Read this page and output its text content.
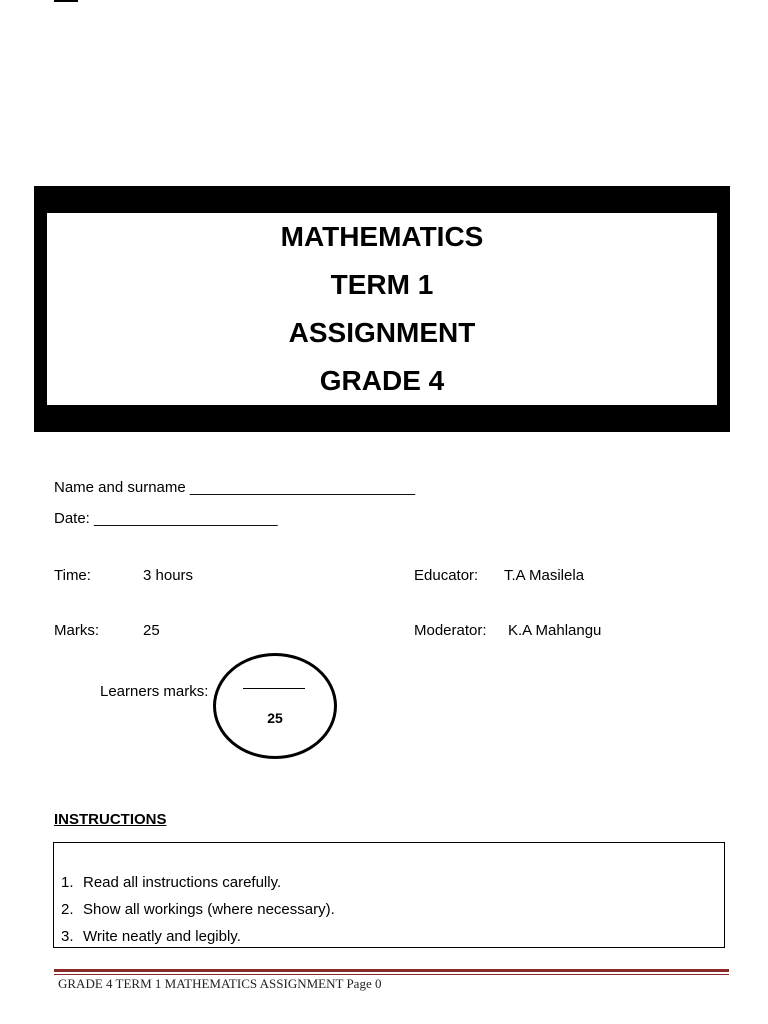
MATHEMATICS
TERM 1
ASSIGNMENT
GRADE 4
Name and surname ___________________________
Date: ______________________
Time:	3 hours	Educator: T.A Masilela
Marks:	25	Moderator: K.A Mahlangu
Learners marks:
25
INSTRUCTIONS
1. Read all instructions carefully.
2. Show all workings (where necessary).
3. Write neatly and legibly.
GRADE 4 TERM 1 MATHEMATICS ASSIGNMENT Page 0
